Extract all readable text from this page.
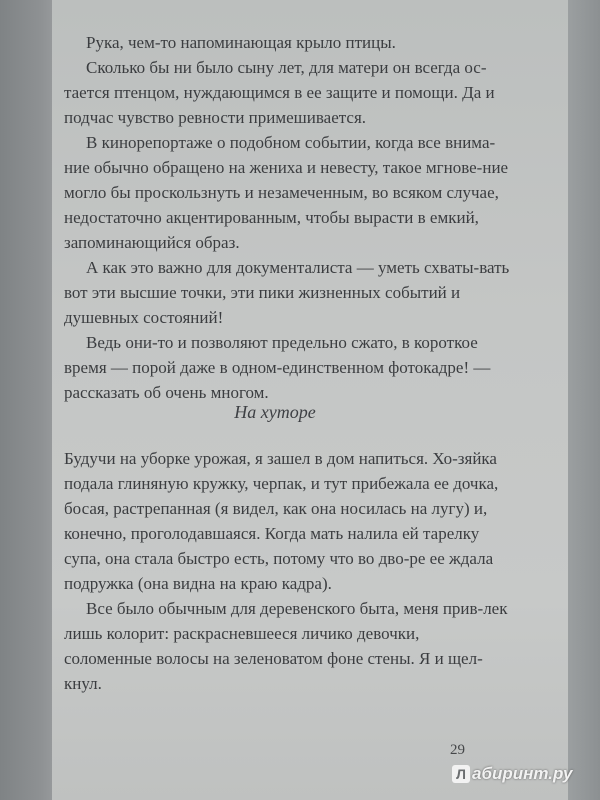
Рука, чем-то напоминающая крыло птицы.

Сколько бы ни было сыну лет, для матери он всегда ос-тается птенцом, нуждающимся в ее защите и помощи. Да и подчас чувство ревности примешивается.

В кинорепортаже о подобном событии, когда все внима-ние обычно обращено на жениха и невесту, такое мгнове-ние могло бы проскользнуть и незамеченным, во всяком случае, недостаточно акцентированным, чтобы вырасти в емкий, запоминающийся образ.

А как это важно для документалиста — уметь схваты-вать вот эти высшие точки, эти пики жизненных событий и душевных состояний!

Ведь они-то и позволяют предельно сжато, в короткое время — порой даже в одном-единственном фотокадре! — рассказать об очень многом.

На хуторе

Будучи на уборке урожая, я зашел в дом напиться. Хо-зяйка подала глиняную кружку, черпак, и тут прибежала ее дочка, босая, растрепанная (я видел, как она носилась на лугу) и, конечно, проголодавшаяся. Когда мать налила ей тарелку супа, она стала быстро есть, потому что во дво-ре ее ждала подружка (она видна на краю кадра).

Все было обычным для деревенского быта, меня прив-лек лишь колорит: раскрасневшееся личико девочки, соломенные волосы на зеленоватом фоне стены. Я и щел-кнул.

29
Л абиринт.ру
